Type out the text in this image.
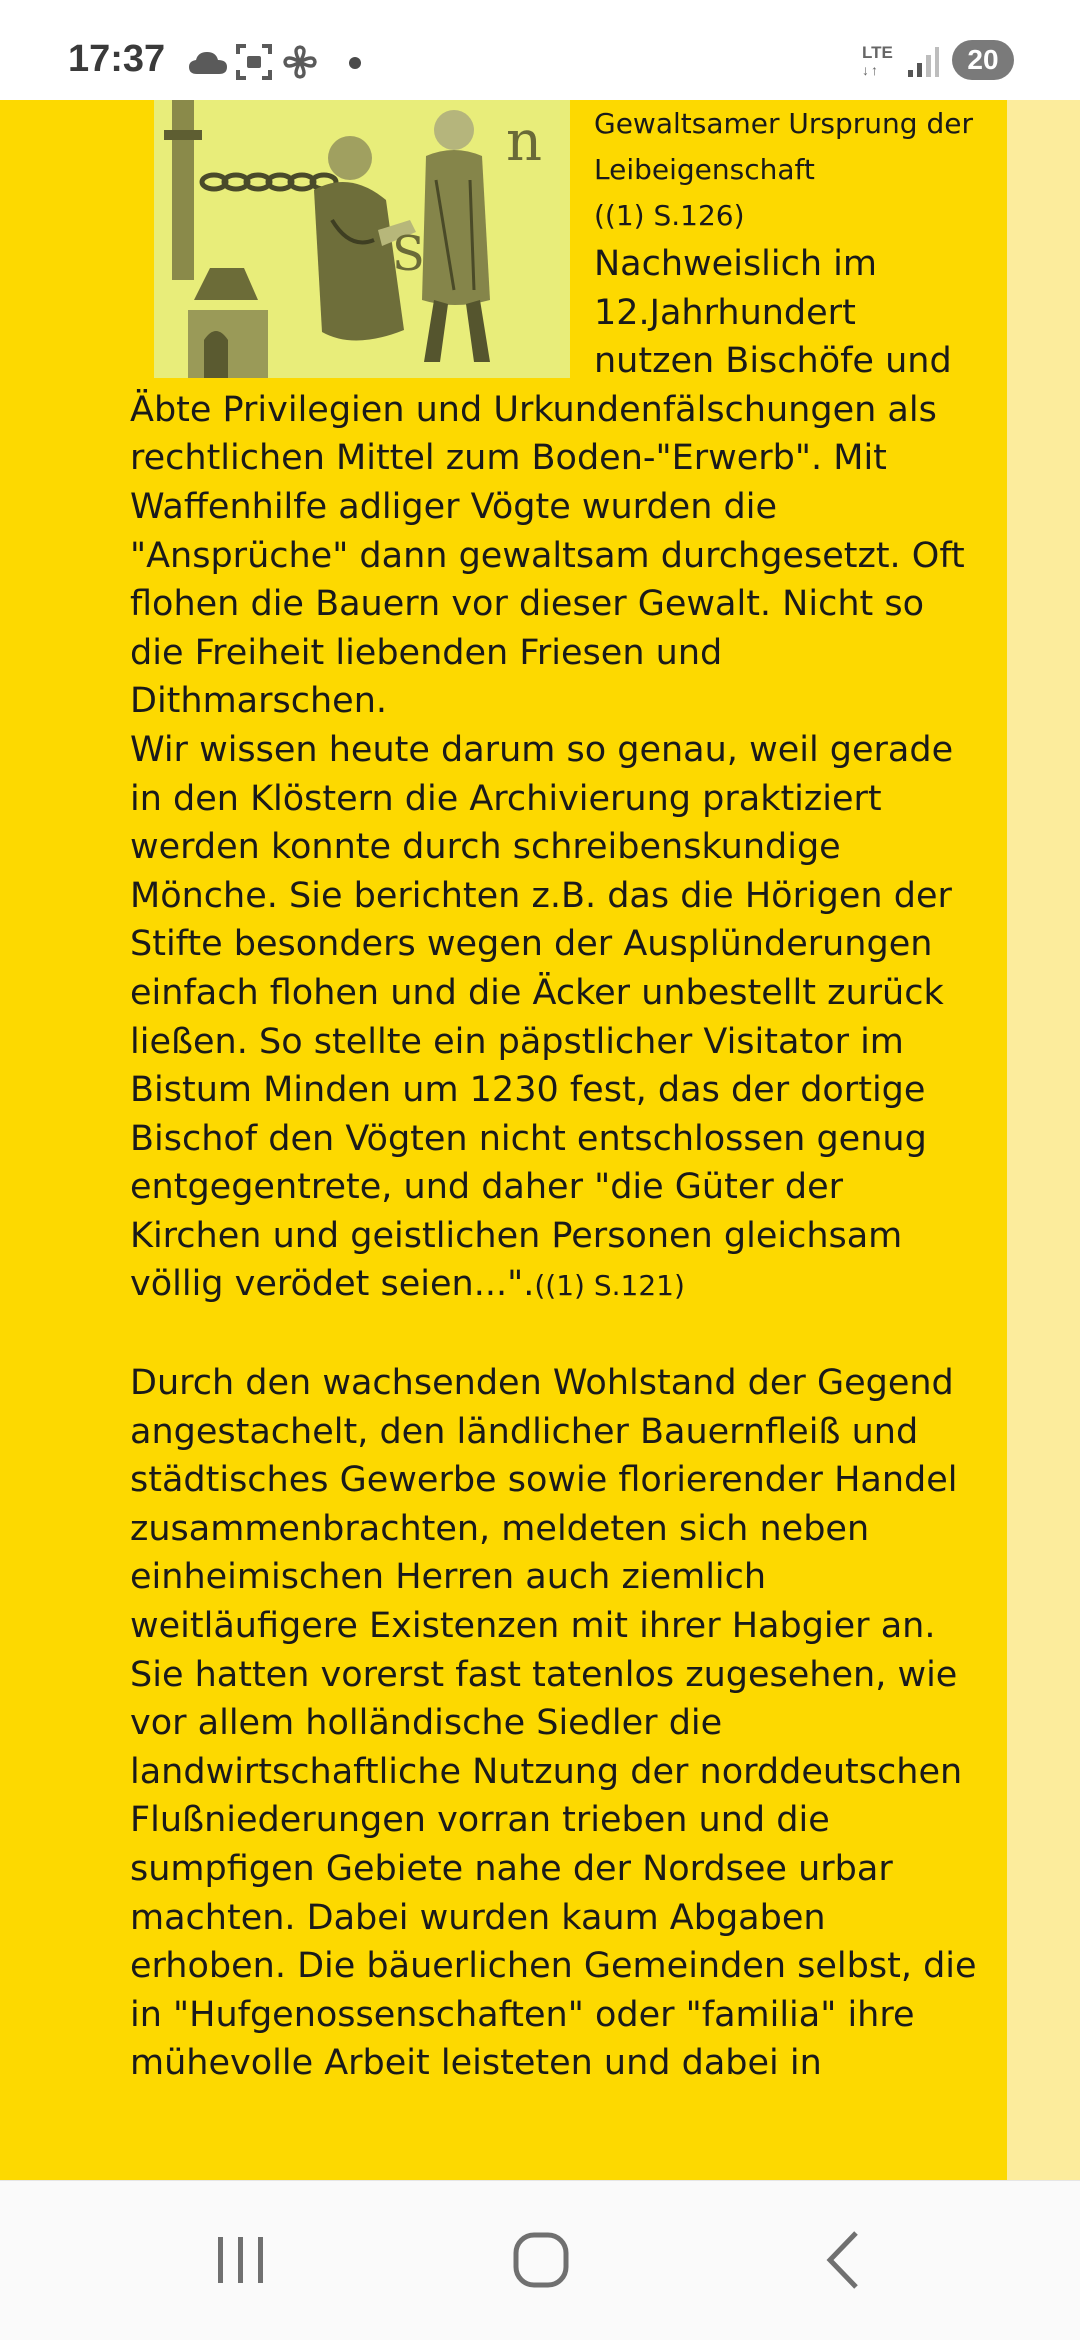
17:37	LTE
↓↑	20
n
S
Gewaltsamer Ursprung der
Leibeigenschaft
((1) S.126)

Nachweislich im 12.Jahrhundert nutzen Bischöfe und Äbte Privilegien und Urkundenfälschungen als rechtlichen Mittel zum Boden-"Erwerb". Mit Waffenhilfe adliger Vögte wurden die "Ansprüche" dann gewaltsam durchgesetzt. Oft flohen die Bauern vor dieser Gewalt. Nicht so die Freiheit liebenden Friesen und Dithmarschen.

Wir wissen heute darum so genau, weil gerade in den Klöstern die Archivierung praktiziert werden konnte durch schreibenskundige Mönche. Sie berichten z.B. das die Hörigen der Stifte besonders wegen der Ausplünderungen einfach flohen und die Äcker unbestellt zurück ließen. So stellte ein päpstlicher Visitator im Bistum Minden um 1230 fest, das der dortige Bischof den Vögten nicht entschlossen genug entgegentrete, und daher "die Güter der Kirchen und geistlichen Personen gleichsam völlig verödet seien...".((1) S.121)

Durch den wachsenden Wohlstand der Gegend angestachelt, den ländlicher Bauernfleiß und städtisches Gewerbe sowie florierender Handel zusammenbrachten, meldeten sich neben einheimischen Herren auch ziemlich weitläufigere Existenzen mit ihrer Habgier an. Sie hatten vorerst fast tatenlos zugesehen, wie vor allem holländische Siedler die landwirtschaftliche Nutzung der norddeutschen Flußniederungen vorran trieben und die sumpfigen Gebiete nahe der Nordsee urbar machten. Dabei wurden kaum Abgaben erhoben. Die bäuerlichen Gemeinden selbst, die in "Hufgenossenschaften" oder "familia" ihre mühevolle Arbeit leisteten und dabei in
